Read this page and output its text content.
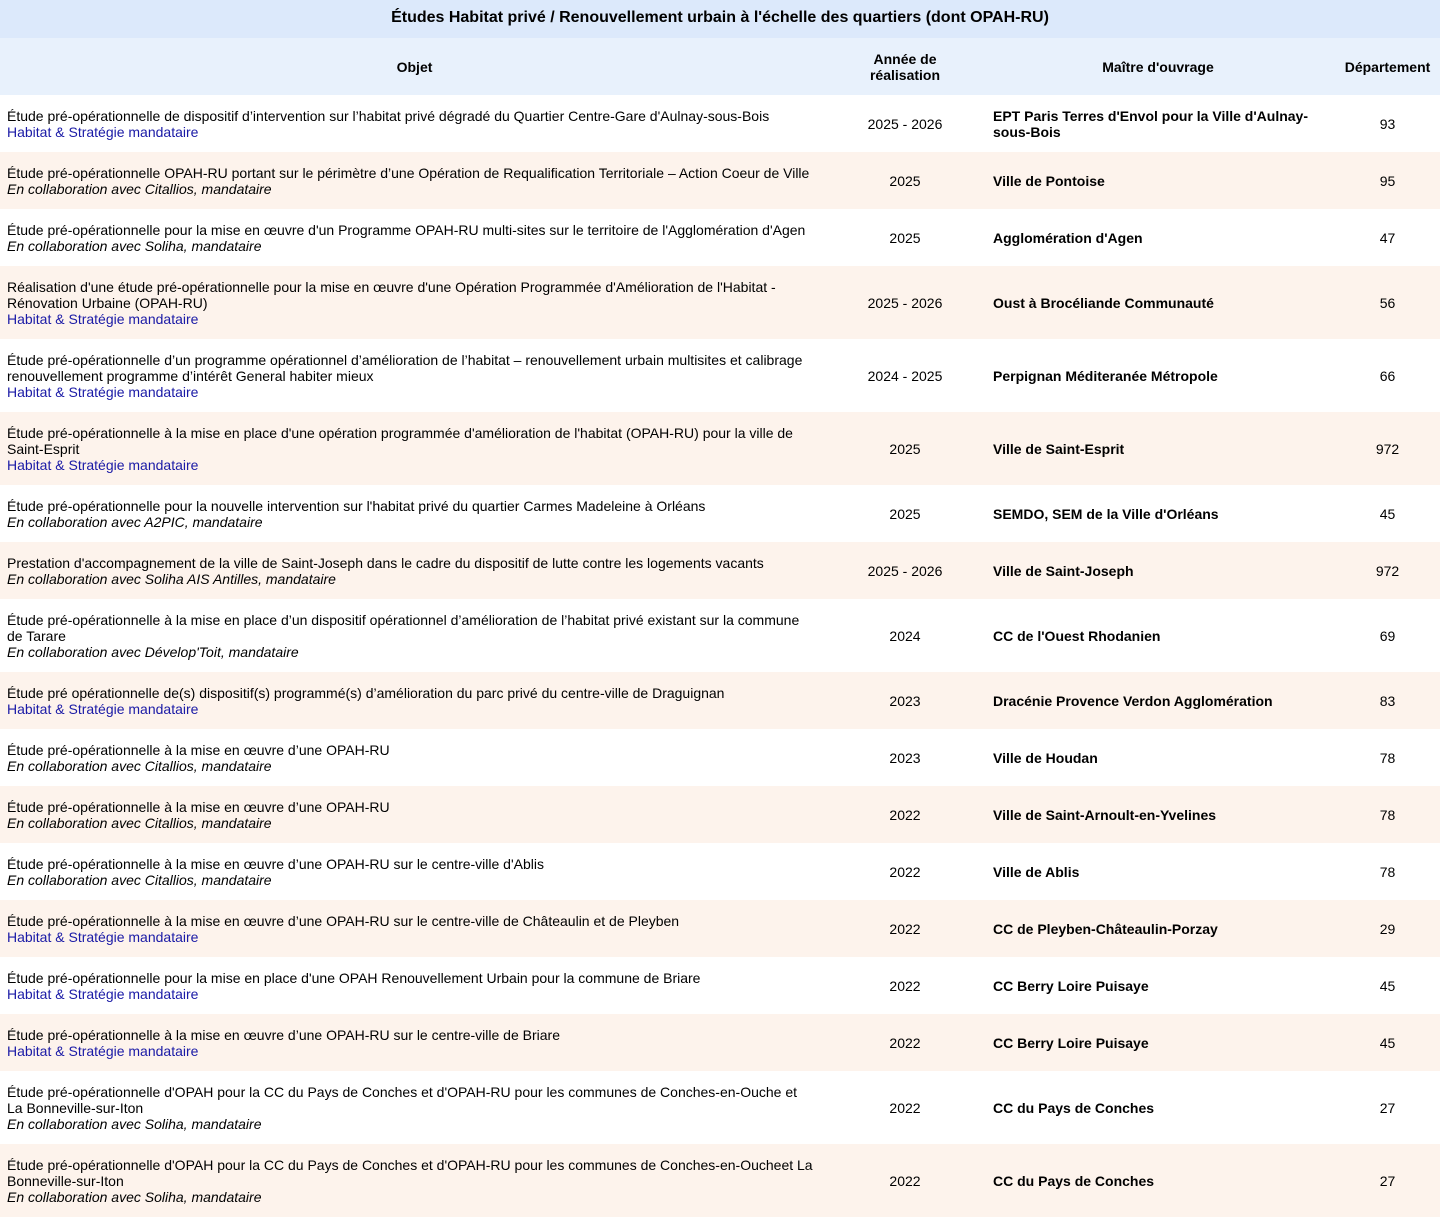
Études Habitat privé / Renouvellement urbain à l'échelle des quartiers (dont OPAH-RU)
Objet	Année de
réalisation	Maître d'ouvrage	Département
Étude pré-opérationnelle de dispositif d’intervention sur l’habitat privé dégradé du Quartier Centre-Gare d'Aulnay-sous-Bois
Habitat & Stratégie mandataire	2025 - 2026	EPT Paris Terres d'Envol pour la Ville d'Aulnay-sous-Bois	93
Étude pré-opérationnelle OPAH-RU portant sur le périmètre d’une Opération de Requalification Territoriale – Action Coeur de Ville
En collaboration avec Citallios, mandataire	2025	Ville de Pontoise	95
Étude pré-opérationnelle pour la mise en œuvre d'un Programme OPAH-RU multi-sites sur le territoire de l'Agglomération d'Agen
En collaboration avec Soliha, mandataire	2025	Agglomération d'Agen	47
Réalisation d'une étude pré-opérationnelle pour la mise en œuvre d'une Opération Programmée d'Amélioration de l'Habitat - Rénovation Urbaine (OPAH-RU)
Habitat & Stratégie mandataire	2025 - 2026	Oust à Brocéliande Communauté	56
Étude pré-opérationnelle d’un programme opérationnel d’amélioration de l’habitat – renouvellement urbain multisites et calibrage renouvellement programme d’intérêt General habiter mieux
Habitat & Stratégie mandataire	2024 - 2025	Perpignan Méditeranée Métropole	66
Étude pré-opérationnelle à la mise en place d'une opération programmée d'amélioration de l'habitat (OPAH-RU) pour la ville de Saint-Esprit
Habitat & Stratégie mandataire	2025	Ville de Saint-Esprit	972
Étude pré-opérationnelle pour la nouvelle intervention sur l'habitat privé du quartier Carmes Madeleine à Orléans
En collaboration avec A2PIC, mandataire	2025	SEMDO, SEM de la Ville d'Orléans	45
Prestation d'accompagnement de la ville de Saint-Joseph dans le cadre du dispositif de lutte contre les logements vacants
En collaboration avec Soliha AIS Antilles, mandataire	2025 - 2026	Ville de Saint-Joseph	972
Étude pré-opérationnelle à la mise en place d’un dispositif opérationnel d’amélioration de l’habitat privé existant sur la commune de Tarare
En collaboration avec Dévelop'Toit, mandataire	2024	CC de l'Ouest Rhodanien	69
Étude pré opérationnelle de(s) dispositif(s) programmé(s) d’amélioration du parc privé du centre-ville de Draguignan
Habitat & Stratégie mandataire	2023	Dracénie Provence Verdon Agglomération	83
Étude pré-opérationnelle à la mise en œuvre d’une OPAH-RU
En collaboration avec Citallios, mandataire	2023	Ville de Houdan	78
Étude pré-opérationnelle à la mise en œuvre d’une OPAH-RU
En collaboration avec Citallios, mandataire	2022	Ville de Saint-Arnoult-en-Yvelines	78
Étude pré-opérationnelle à la mise en œuvre d’une OPAH-RU sur le centre-ville d'Ablis
En collaboration avec Citallios, mandataire	2022	Ville de Ablis	78
Étude pré-opérationnelle à la mise en œuvre d’une OPAH-RU sur le centre-ville de Châteaulin et de Pleyben
Habitat & Stratégie mandataire	2022	CC de Pleyben-Châteaulin-Porzay	29
Étude pré-opérationnelle pour la mise en place d'une OPAH Renouvellement Urbain pour la commune de Briare
Habitat & Stratégie mandataire	2022	CC Berry Loire Puisaye	45
Étude pré-opérationnelle à la mise en œuvre d’une OPAH-RU sur le centre-ville de Briare
Habitat & Stratégie mandataire	2022	CC Berry Loire Puisaye	45
Étude pré-opérationnelle d'OPAH pour la CC du Pays de Conches et d'OPAH-RU pour les communes de Conches-en-Ouche et La Bonneville-sur-Iton
En collaboration avec Soliha, mandataire	2022	CC du Pays de Conches	27
Étude pré-opérationnelle d'OPAH pour la CC du Pays de Conches et d'OPAH-RU pour les communes de Conches-en-Oucheet La Bonneville-sur-Iton
En collaboration avec Soliha, mandataire	2022	CC du Pays de Conches	27
